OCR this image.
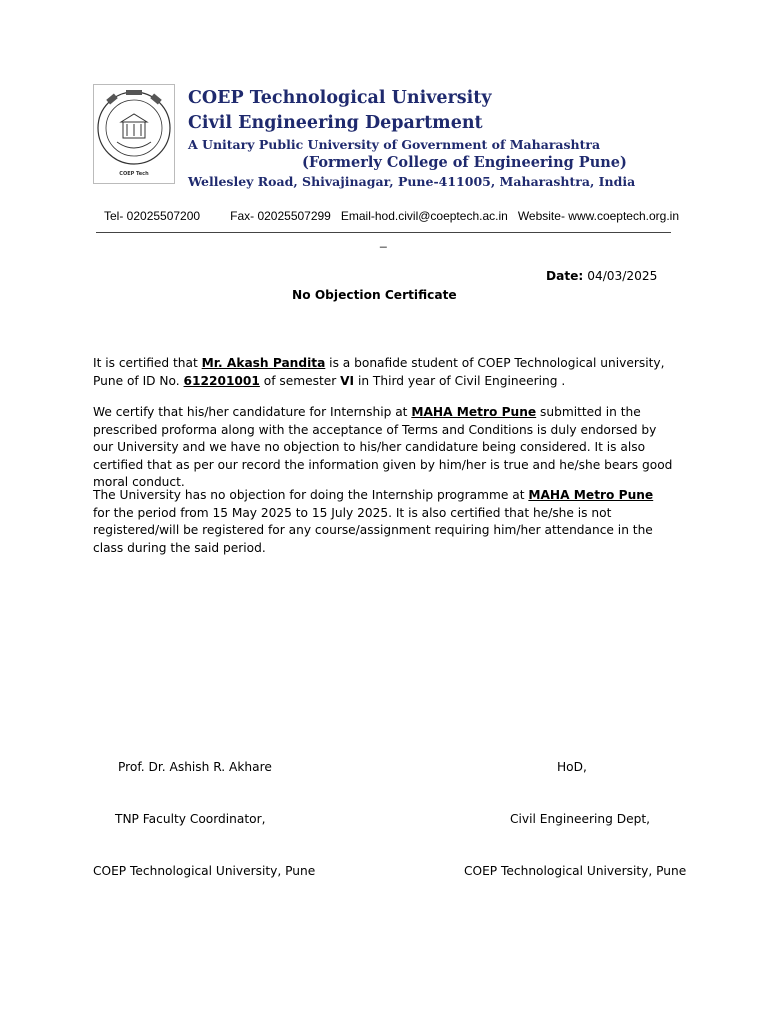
COEP Tech
COEP Technological University
Civil Engineering Department
A Unitary Public University of Government of Maharashtra
(Formerly College of Engineering Pune)
Wellesley Road, Shivajinagar, Pune-411005, Maharashtra, India
Tel- 02025507200	Fax- 02025507299 Email-hod.civil@coeptech.ac.in Website- www.coeptech.org.in
_
Date: 04/03/2025
No Objection Certificate
It is certified that Mr. Akash Pandita is a bonafide student of COEP Technological university, Pune of ID No. 612201001 of semester VI in Third year of Civil Engineering .
We certify that his/her candidature for Internship at MAHA Metro Pune submitted in the prescribed proforma along with the acceptance of Terms and Conditions is duly endorsed by our University and we have no objection to his/her candidature being considered. It is also certified that as per our record the information given by him/her is true and he/she bears good moral conduct.
The University has no objection for doing the Internship programme at MAHA Metro Pune for the period from 15 May 2025 to 15 July 2025. It is also certified that he/she is not registered/will be registered for any course/assignment requiring him/her attendance in the class during the said period.
Prof. Dr. Ashish R. Akhare
TNP Faculty Coordinator,
COEP Technological University, Pune
HoD,
Civil Engineering Dept,
COEP Technological University, Pune
